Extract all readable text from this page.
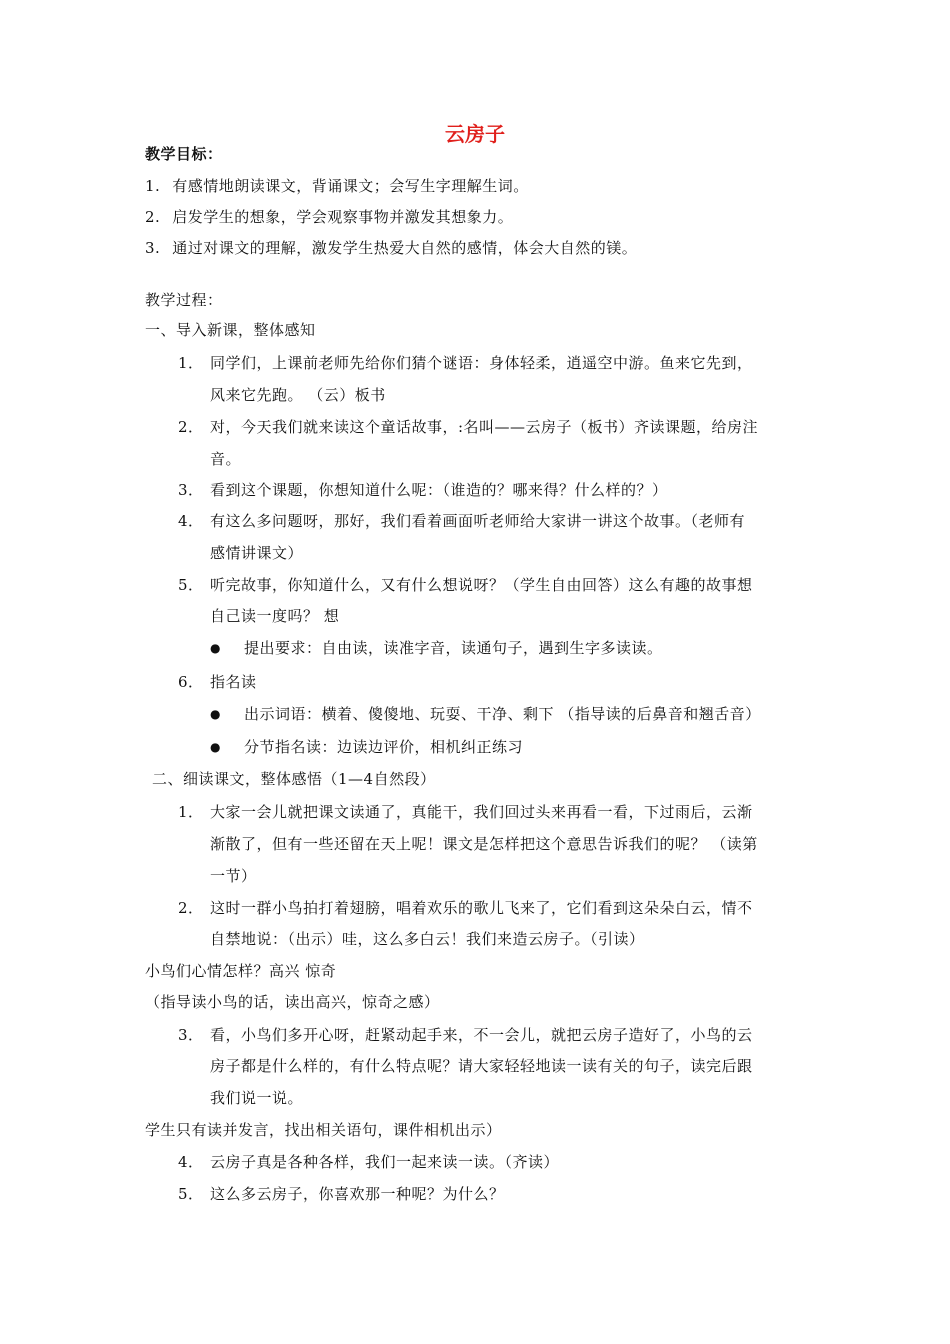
云房子
教学目标：
1. 有感情地朗读课文，背诵课文；会写生字理解生词。
2. 启发学生的想象，学会观察事物并激发其想象力。
3. 通过对课文的理解，激发学生热爱大自然的感情，体会大自然的镁。
教学过程：
一、导入新课，整体感知
1． 同学们，上课前老师先给你们猜个谜语：身体轻柔，逍遥空中游。鱼来它先到，
风来它先跑。 （云）板书
2． 对，今天我们就来读这个童话故事，:名叫——云房子（板书）齐读课题，给房注
音。
3． 看到这个课题，你想知道什么呢：（谁造的？哪来得？什么样的？）
4． 有这么多问题呀，那好，我们看着画面听老师给大家讲一讲这个故事。（老师有
感情讲课文）
5． 听完故事，你知道什么，又有什么想说呀？（学生自由回答）这么有趣的故事想
自己读一度吗？ 想
● 提出要求：自由读，读准字音，读通句子，遇到生字多读读。
6． 指名读
● 出示词语：横着、傻傻地、玩耍、干净、剩下 （指导读的后鼻音和翘舌音）
● 分节指名读：边读边评价，相机纠正练习
二、细读课文，整体感悟（1—4自然段）
1． 大家一会儿就把课文读通了，真能干，我们回过头来再看一看，下过雨后，云渐
渐散了，但有一些还留在天上呢！课文是怎样把这个意思告诉我们的呢？ （读第
一节）
2． 这时一群小鸟拍打着翅膀，唱着欢乐的歌儿飞来了，它们看到这朵朵白云，情不
自禁地说：（出示）哇，这么多白云！我们来造云房子。（引读）
小鸟们心情怎样？高兴 惊奇
（指导读小鸟的话，读出高兴，惊奇之感）
3． 看，小鸟们多开心呀，赶紧动起手来，不一会儿，就把云房子造好了，小鸟的云
房子都是什么样的，有什么特点呢？请大家轻轻地读一读有关的句子，读完后跟
我们说一说。
学生只有读并发言，找出相关语句，课件相机出示）
4． 云房子真是各种各样，我们一起来读一读。（齐读）
5． 这么多云房子，你喜欢那一种呢？为什么？
